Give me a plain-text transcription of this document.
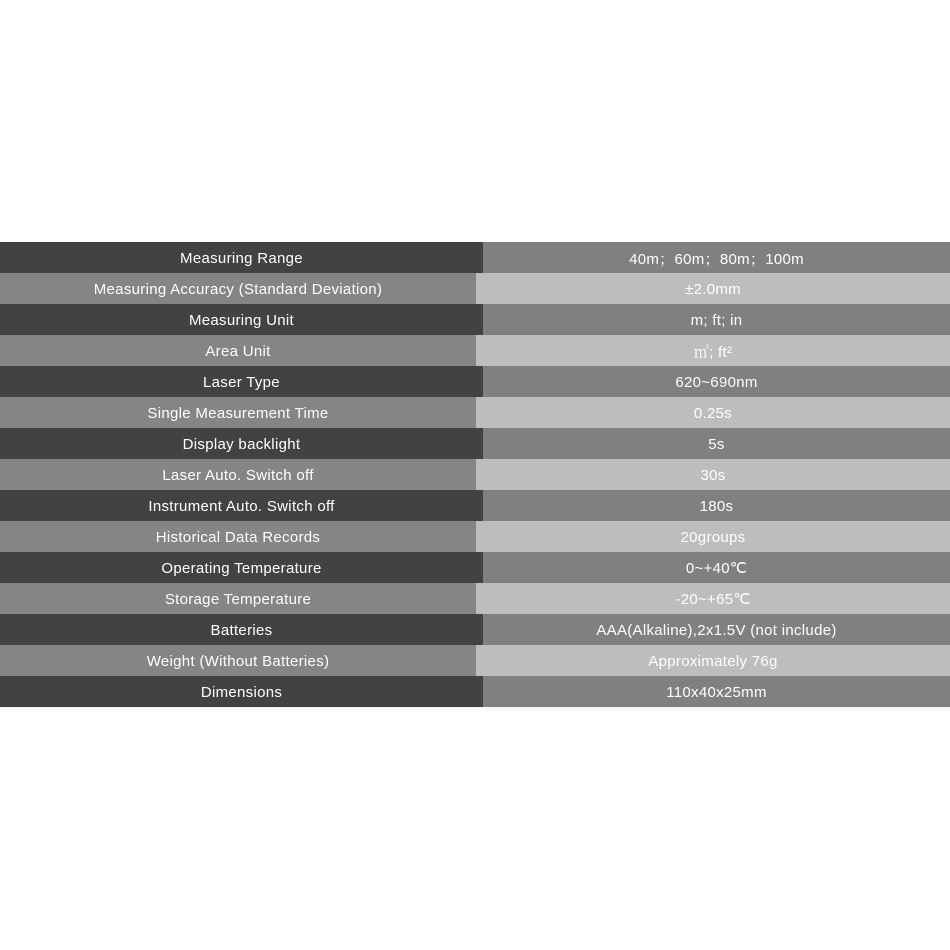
Measuring Range	40m；60m；80m；100m
Measuring Accuracy (Standard Deviation)	±2.0mm
Measuring Unit	m; ft; in
Area Unit	㎡; ft²
Laser Type	620~690nm
Single Measurement Time	0.25s
Display backlight	5s
Laser Auto. Switch off	30s
Instrument Auto. Switch off	180s
Historical Data Records	20groups
Operating Temperature	0~+40℃
Storage Temperature	-20~+65℃
Batteries	AAA(Alkaline),2x1.5V (not include)
Weight (Without Batteries)	Approximately 76g
Dimensions	110x40x25mm
